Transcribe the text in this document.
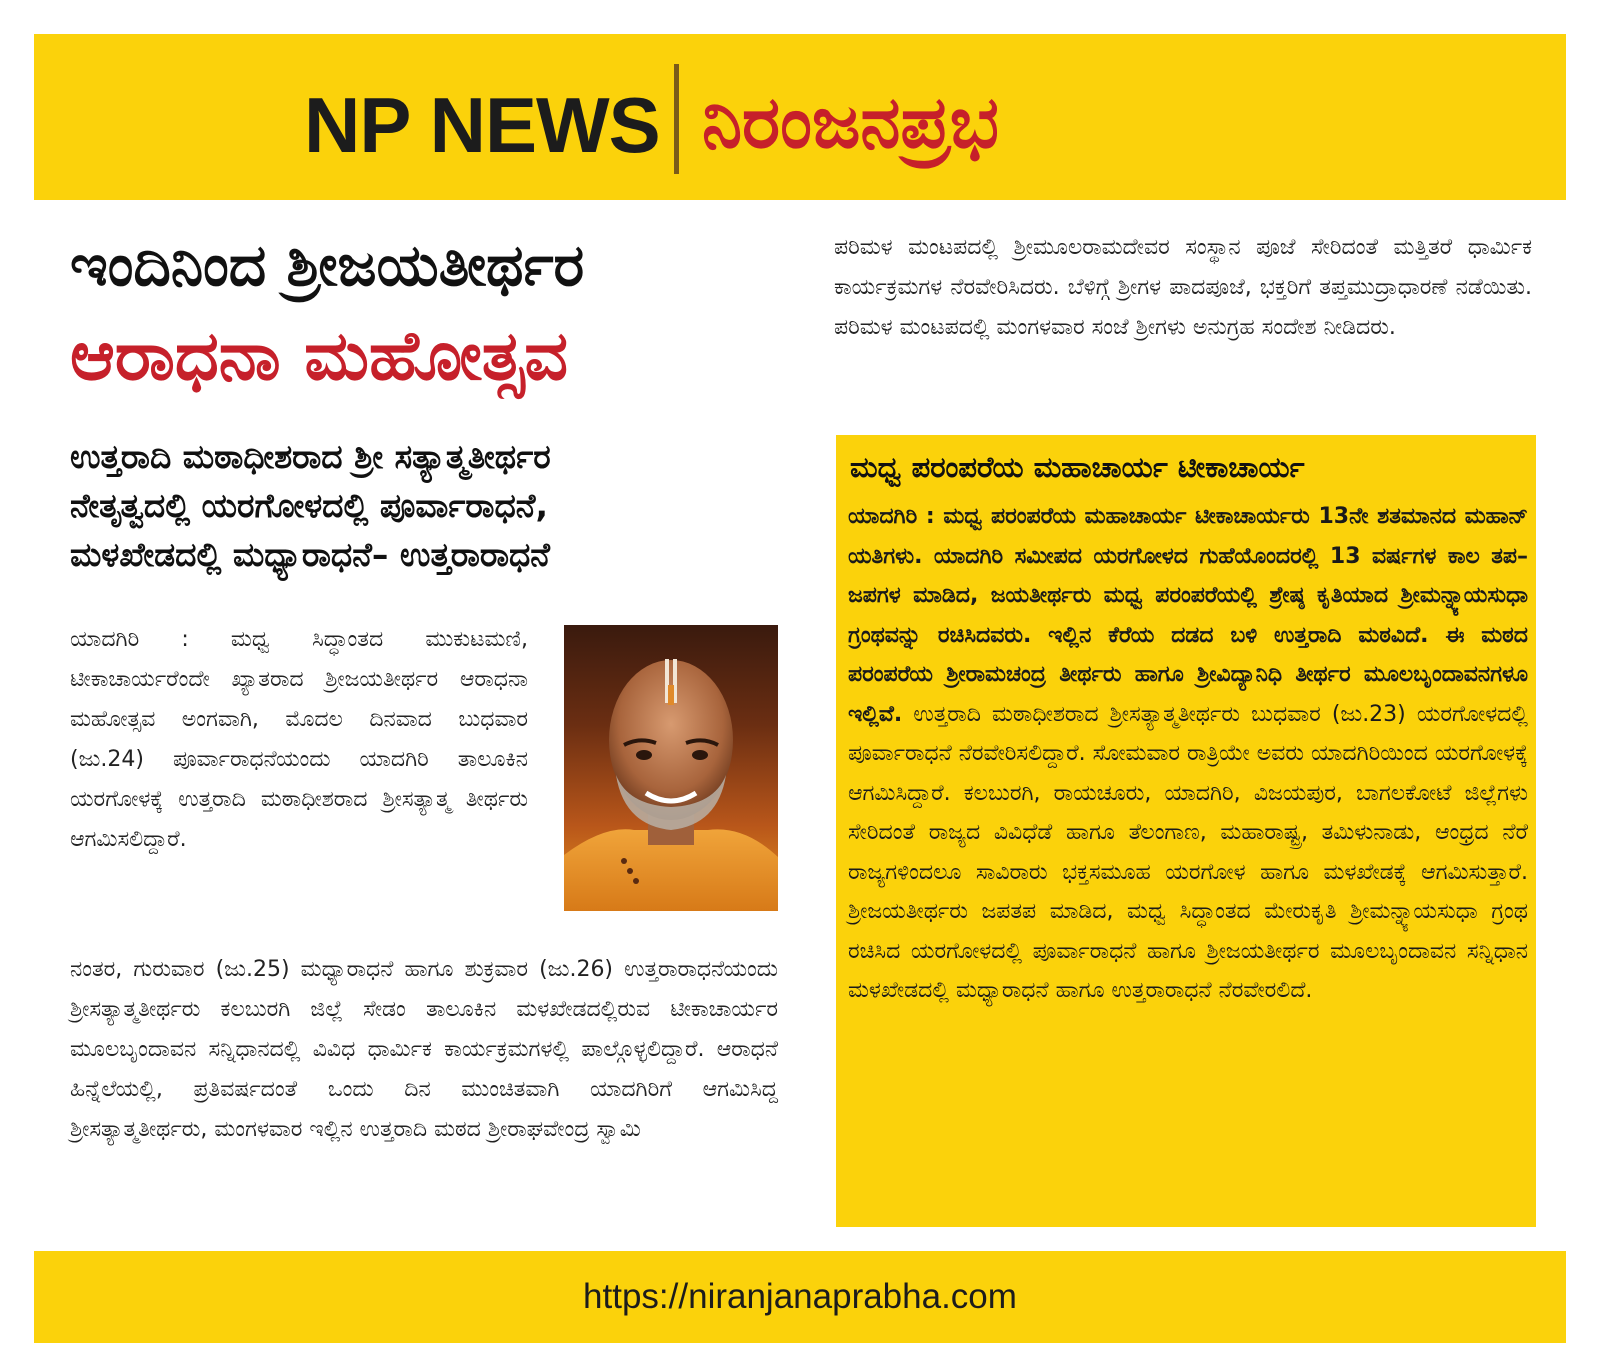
NP NEWS ನಿರಂಜನಪ್ರಭ
ಇಂದಿನಿಂದ ಶ್ರೀಜಯತೀರ್ಥರ
ಆರಾಧನಾ ಮಹೋತ್ಸವ
ಉತ್ತರಾದಿ ಮಠಾಧೀಶರಾದ ಶ್ರೀ ಸತ್ಯಾತ್ಮತೀರ್ಥರ
ನೇತೃತ್ವದಲ್ಲಿ ಯರಗೋಳದಲ್ಲಿ ಪೂರ್ವಾರಾಧನೆ,
ಮಳಖೇಡದಲ್ಲಿ ಮಧ್ಯಾರಾಧನೆ– ಉತ್ತರಾರಾಧನೆ
ಯಾದಗಿರಿ : ಮಧ್ವ ಸಿದ್ಧಾಂತದ ಮುಕುಟಮಣಿ, ಟೀಕಾಚಾರ್ಯರೆಂದೇ ಖ್ಯಾತರಾದ ಶ್ರೀಜಯತೀರ್ಥರ ಆರಾಧನಾ ಮಹೋತ್ಸವ ಅಂಗವಾಗಿ, ಮೊದಲ ದಿನವಾದ ಬುಧವಾರ (ಜು.24) ಪೂರ್ವಾರಾಧನೆಯಂದು ಯಾದಗಿರಿ ತಾಲೂಕಿನ ಯರಗೋಳಕ್ಕೆ ಉತ್ತರಾದಿ ಮಠಾಧೀಶರಾದ ಶ್ರೀಸತ್ಯಾತ್ಮ ತೀರ್ಥರು ಆಗಮಿಸಲಿದ್ದಾರೆ.
ನಂತರ, ಗುರುವಾರ (ಜು.25) ಮಧ್ಯಾರಾಧನೆ ಹಾಗೂ ಶುಕ್ರವಾರ (ಜು.26) ಉತ್ತರಾರಾಧನೆಯಂದು ಶ್ರೀಸತ್ಯಾತ್ಮತೀರ್ಥರು ಕಲಬುರಗಿ ಜಿಲ್ಲೆ ಸೇಡಂ ತಾಲೂಕಿನ ಮಳಖೇಡದಲ್ಲಿರುವ ಟೀಕಾಚಾರ್ಯರ ಮೂಲಬೃಂದಾವನ ಸನ್ನಿಧಾನದಲ್ಲಿ ವಿವಿಧ ಧಾರ್ಮಿಕ ಕಾರ್ಯಕ್ರಮಗಳಲ್ಲಿ ಪಾಲ್ಗೊಳ್ಳಲಿದ್ದಾರೆ. ಆರಾಧನೆ ಹಿನ್ನೆಲೆಯಲ್ಲಿ, ಪ್ರತಿವರ್ಷದಂತೆ ಒಂದು ದಿನ ಮುಂಚಿತವಾಗಿ ಯಾದಗಿರಿಗೆ ಆಗಮಿಸಿದ್ದ ಶ್ರೀಸತ್ಯಾತ್ಮತೀರ್ಥರು, ಮಂಗಳವಾರ ಇಲ್ಲಿನ ಉತ್ತರಾದಿ ಮಠದ ಶ್ರೀರಾಘವೇಂದ್ರ ಸ್ವಾಮಿ
ಪರಿಮಳ ಮಂಟಪದಲ್ಲಿ ಶ್ರೀಮೂಲರಾಮದೇವರ ಸಂಸ್ಥಾನ ಪೂಜೆ ಸೇರಿದಂತೆ ಮತ್ತಿತರೆ ಧಾರ್ಮಿಕ ಕಾರ್ಯಕ್ರಮಗಳ ನೆರವೇರಿಸಿದರು. ಬೆಳಿಗ್ಗೆ ಶ್ರೀಗಳ ಪಾದಪೂಜೆ, ಭಕ್ತರಿಗೆ ತಪ್ತಮುದ್ರಾಧಾರಣೆ ನಡೆಯಿತು. ಪರಿಮಳ ಮಂಟಪದಲ್ಲಿ ಮಂಗಳವಾರ ಸಂಜೆ ಶ್ರೀಗಳು ಅನುಗ್ರಹ ಸಂದೇಶ ನೀಡಿದರು.
ಮಧ್ವ ಪರಂಪರೆಯ ಮಹಾಚಾರ್ಯ ಟೀಕಾಚಾರ್ಯ
ಯಾದಗಿರಿ : ಮಧ್ವ ಪರಂಪರೆಯ ಮಹಾಚಾರ್ಯ ಟೀಕಾಚಾರ್ಯರು 13ನೇ ಶತಮಾನದ ಮಹಾನ್ ಯತಿಗಳು. ಯಾದಗಿರಿ ಸಮೀಪದ ಯರಗೋಳದ ಗುಹೆಯೊಂದರಲ್ಲಿ 13 ವರ್ಷಗಳ ಕಾಲ ತಪ–ಜಪಗಳ ಮಾಡಿದ, ಜಯತೀರ್ಥರು ಮಧ್ವ ಪರಂಪರೆಯಲ್ಲಿ ಶ್ರೇಷ್ಠ ಕೃತಿಯಾದ ಶ್ರೀಮನ್ನ್ಯಾಯಸುಧಾ ಗ್ರಂಥವನ್ನು ರಚಿಸಿದವರು. ಇಲ್ಲಿನ ಕೆರೆಯ ದಡದ ಬಳಿ ಉತ್ತರಾದಿ ಮಠವಿದೆ. ಈ ಮಠದ ಪರಂಪರೆಯ ಶ್ರೀರಾಮಚಂದ್ರ ತೀರ್ಥರು ಹಾಗೂ ಶ್ರೀವಿದ್ಯಾನಿಧಿ ತೀರ್ಥರ ಮೂಲಬೃಂದಾವನಗಳೂ ಇಲ್ಲಿವೆ. ಉತ್ತರಾದಿ ಮಠಾಧೀಶರಾದ ಶ್ರೀಸತ್ಯಾತ್ಮತೀರ್ಥರು ಬುಧವಾರ (ಜು.23) ಯರಗೋಳದಲ್ಲಿ ಪೂರ್ವಾರಾಧನೆ ನೆರವೇರಿಸಲಿದ್ದಾರೆ. ಸೋಮವಾರ ರಾತ್ರಿಯೇ ಅವರು ಯಾದಗಿರಿಯಿಂದ ಯರಗೋಳಕ್ಕೆ ಆಗಮಿಸಿದ್ದಾರೆ. ಕಲಬುರಗಿ, ರಾಯಚೂರು, ಯಾದಗಿರಿ, ವಿಜಯಪುರ, ಬಾಗಲಕೋಟೆ ಜಿಲ್ಲೆಗಳು ಸೇರಿದಂತೆ ರಾಜ್ಯದ ವಿವಿಧೆಡೆ ಹಾಗೂ ತೆಲಂಗಾಣ, ಮಹಾರಾಷ್ಟ್ರ, ತಮಿಳುನಾಡು, ಆಂಧ್ರದ ನೆರೆ ರಾಜ್ಯಗಳಿಂದಲೂ ಸಾವಿರಾರು ಭಕ್ತಸಮೂಹ ಯರಗೋಳ ಹಾಗೂ ಮಳಖೇಡಕ್ಕೆ ಆಗಮಿಸುತ್ತಾರೆ. ಶ್ರೀಜಯತೀರ್ಥರು ಜಪತಪ ಮಾಡಿದ, ಮಧ್ವ ಸಿದ್ಧಾಂತದ ಮೇರುಕೃತಿ ಶ್ರೀಮನ್ನ್ಯಾಯಸುಧಾ ಗ್ರಂಥ ರಚಿಸಿದ ಯರಗೋಳದಲ್ಲಿ ಪೂರ್ವಾರಾಧನೆ ಹಾಗೂ ಶ್ರೀಜಯತೀರ್ಥರ ಮೂಲಬೃಂದಾವನ ಸನ್ನಿಧಾನ ಮಳಖೇಡದಲ್ಲಿ ಮಧ್ಯಾರಾಧನೆ ಹಾಗೂ ಉತ್ತರಾರಾಧನೆ ನೆರವೇರಲಿದೆ.
https://niranjanaprabha.com
